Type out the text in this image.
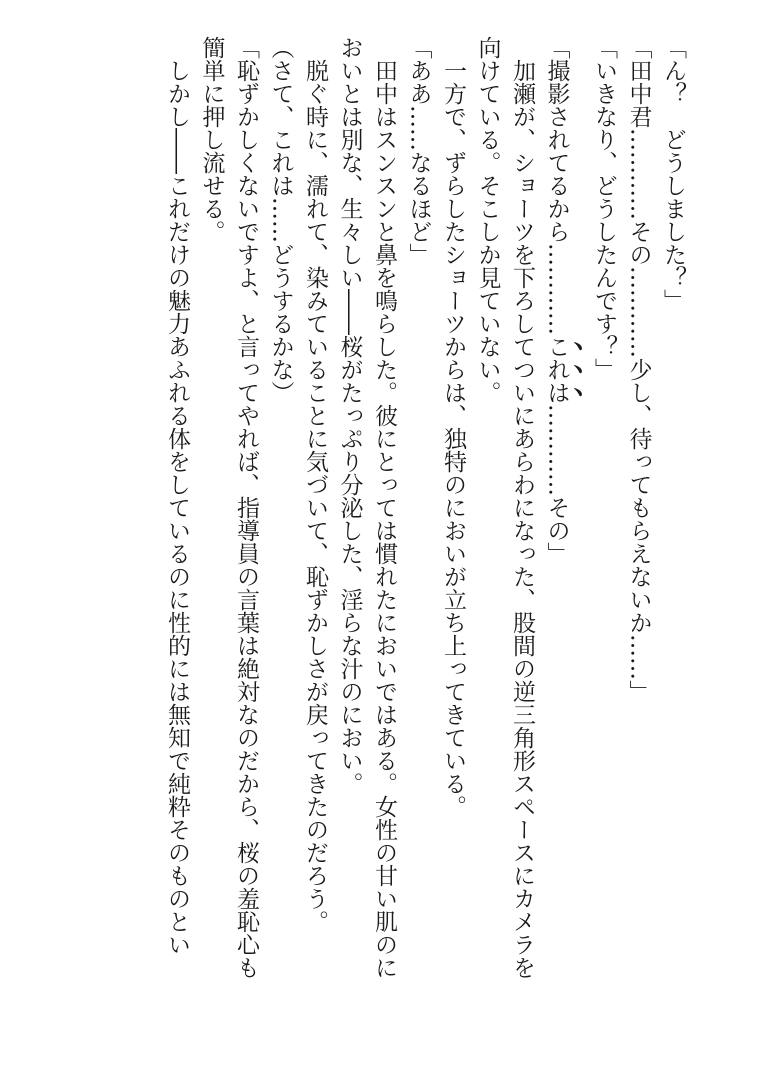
「ん？　どうしました？」

「田中君…………その…………少し、待ってもらえないか……」

「いきなり、どうしたんです？」

「撮影されてるから…………これは…………その」

　加瀬が、ショーツを下ろしてついにあらわになった、股間の逆三角形スペースにカメラを

向けている。そこしか見ていない。

　一方で、ずらしたショーツからは、独特のにおいが立ち上ってきている。

「ああ……なるほど」

　田中はスンスンと鼻を鳴らした。彼にとっては慣れたにおいではある。女性の甘い肌のに

おいとは別な、生々しい――桜がたっぷり分泌した、淫らな汁のにおい。

　脱ぐ時に、濡れて、染みていることに気づいて、恥ずかしさが戻ってきたのだろう。

（さて、これは……どうするかな）

「恥ずかしくないですよ、と言ってやれば、指導員の言葉は絶対なのだから、桜の羞恥心も

簡単に押し流せる。

　しかし――これだけの魅力あふれる体をしているのに性的には無知で純粋そのものとい
